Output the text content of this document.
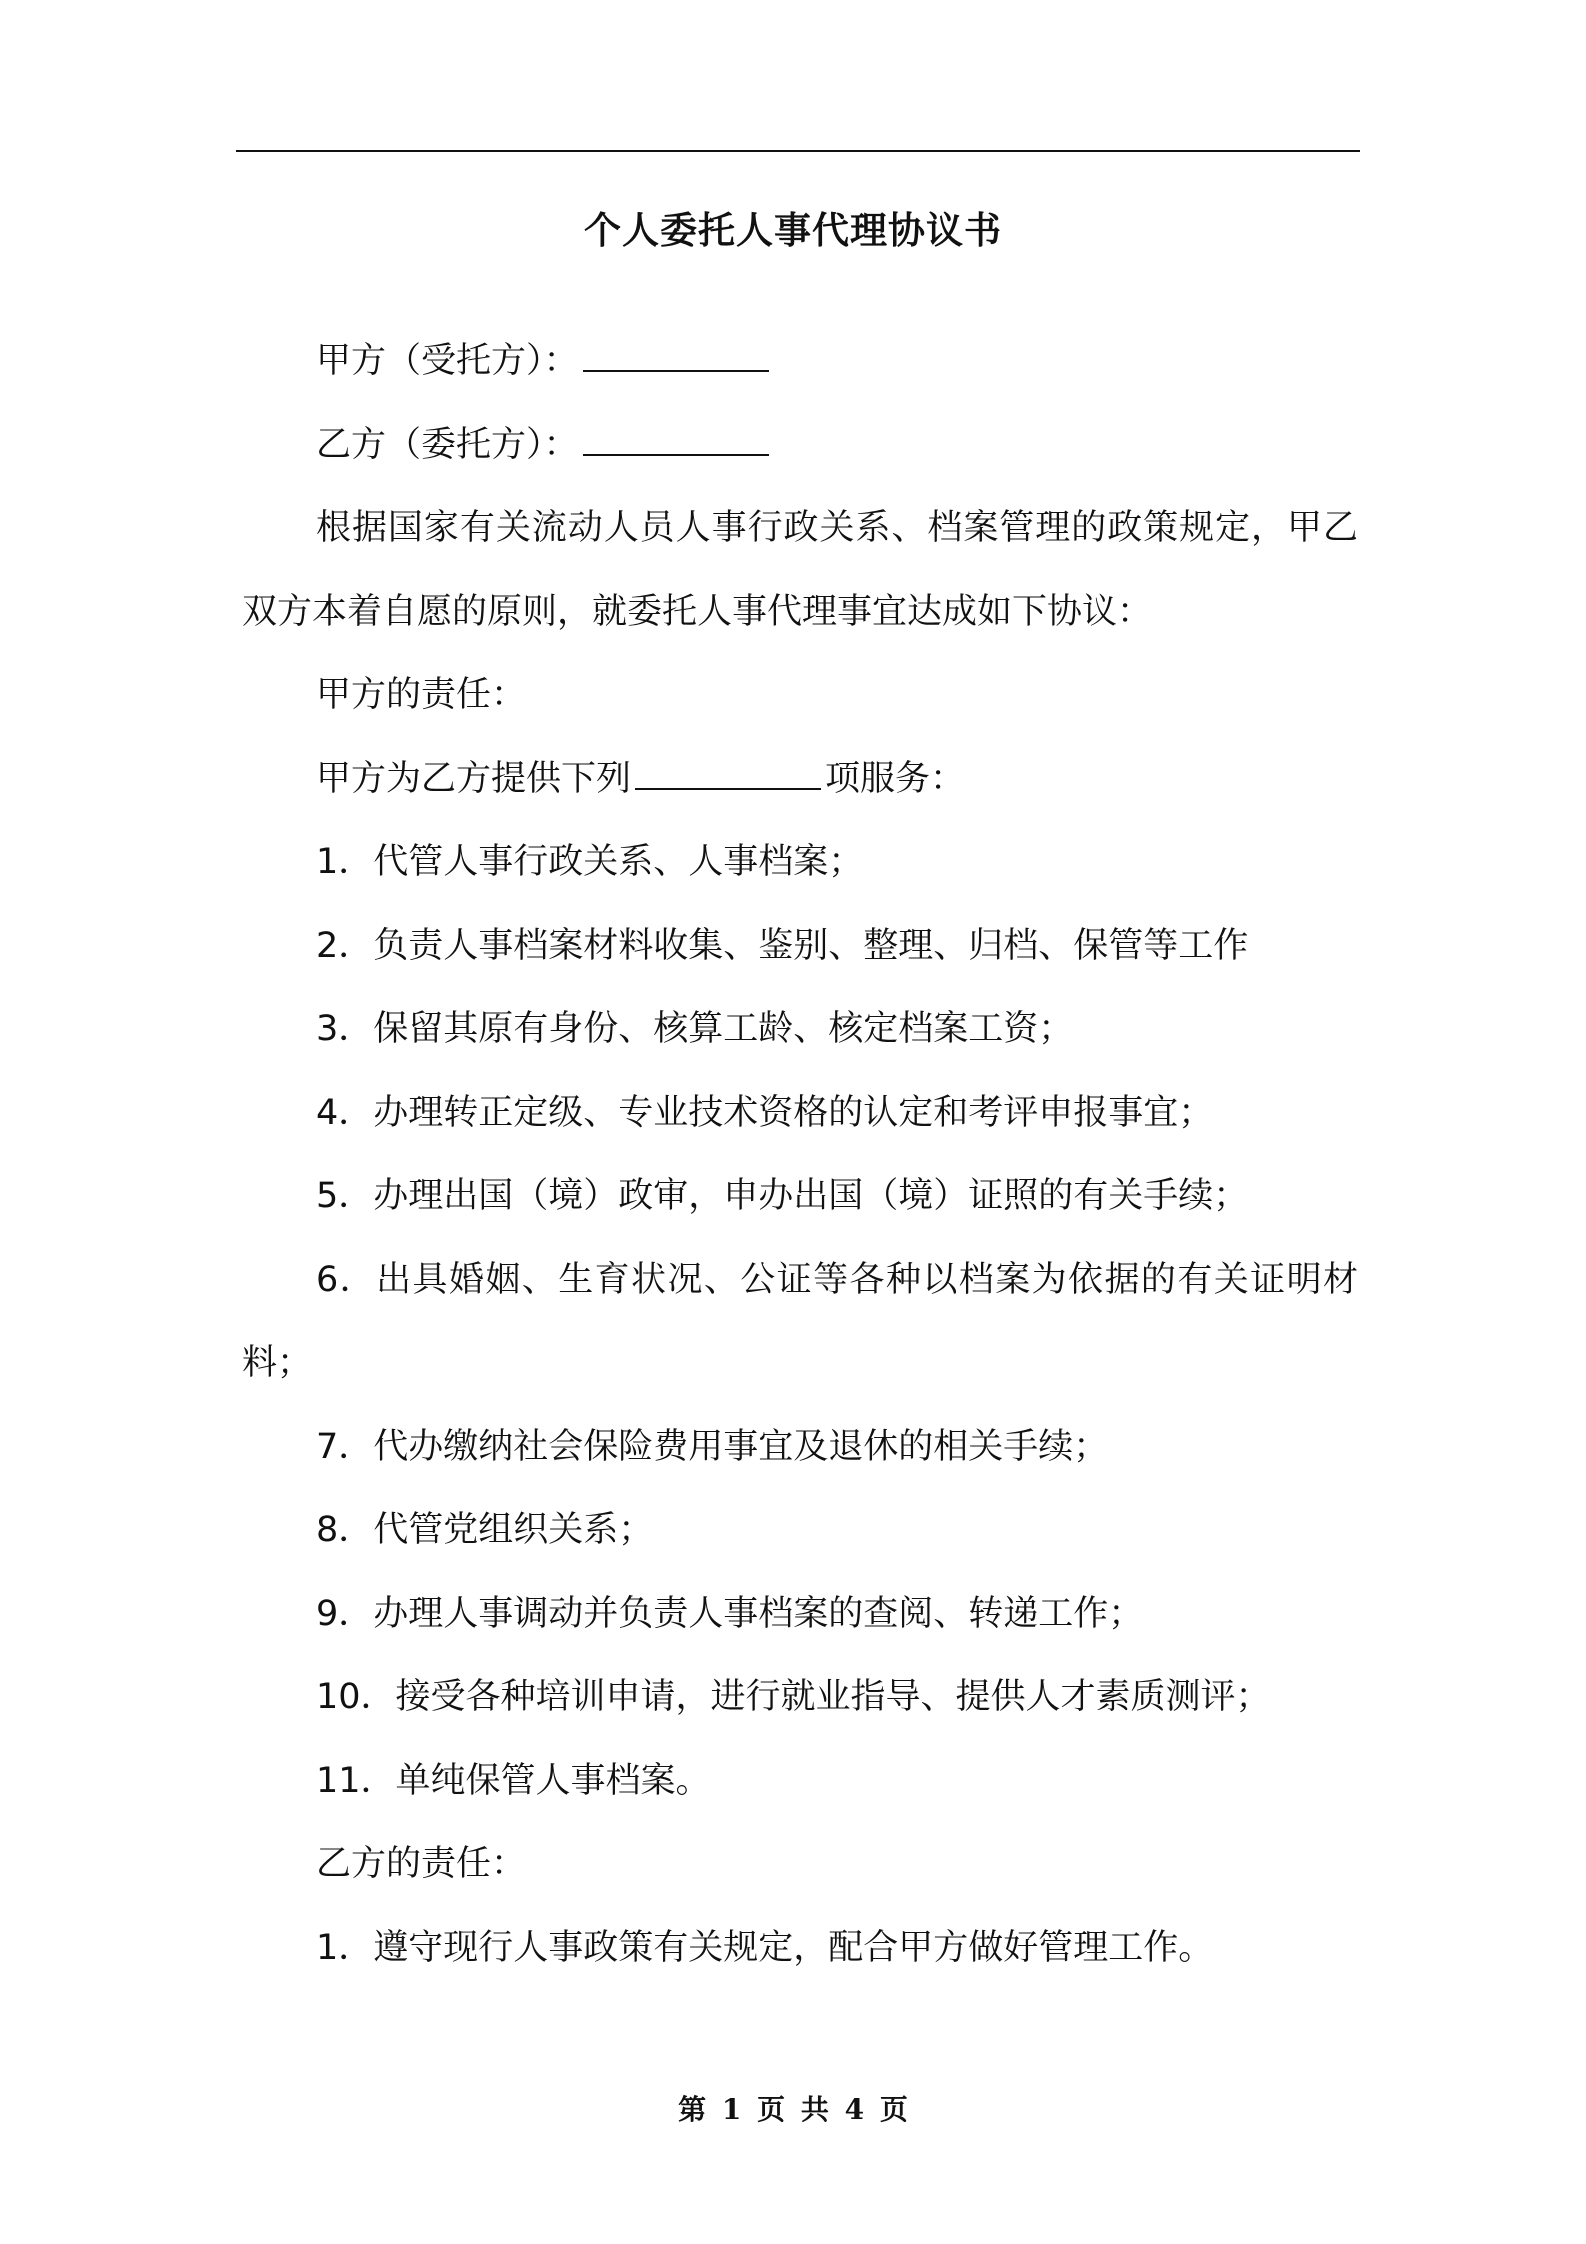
个人委托人事代理协议书

甲方（受托方）：

乙方（委托方）：

根据国家有关流动人员人事行政关系、档案管理的政策规定，甲乙双方本着自愿的原则，就委托人事代理事宜达成如下协议：

甲方的责任：

甲方为乙方提供下列	项服务：

1．代管人事行政关系、人事档案；

2．负责人事档案材料收集、鉴别、整理、归档、保管等工作

3．保留其原有身份、核算工龄、核定档案工资；

4．办理转正定级、专业技术资格的认定和考评申报事宜；

5．办理出国（境）政审，申办出国（境）证照的有关手续；

6．出具婚姻、生育状况、公证等各种以档案为依据的有关证明材料；

7．代办缴纳社会保险费用事宜及退休的相关手续；

8．代管党组织关系；

9．办理人事调动并负责人事档案的查阅、转递工作；

10．接受各种培训申请，进行就业指导、提供人才素质测评；

11．单纯保管人事档案。

乙方的责任：

1．遵守现行人事政策有关规定，配合甲方做好管理工作。

第 1 页 共 4 页
